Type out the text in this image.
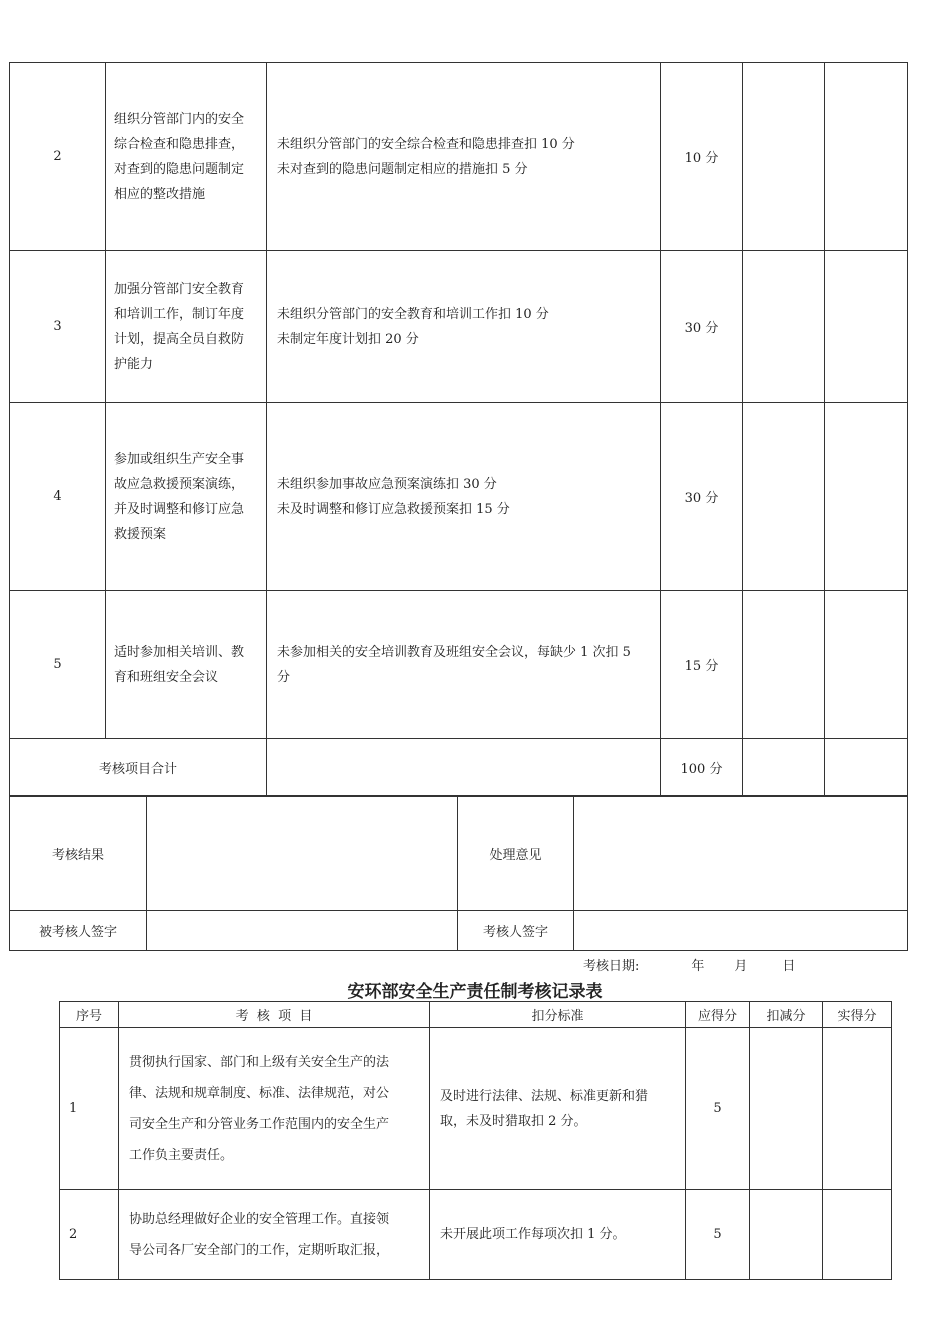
2	组织分管部门内的安全
综合检查和隐患排查，
对查到的隐患问题制定
相应的整改措施	未组织分管部门的安全综合检查和隐患排查扣 10 分
未对查到的隐患问题制定相应的措施扣 5 分	10 分		
3	加强分管部门安全教育
和培训工作，制订年度
计划，提高全员自救防
护能力	未组织分管部门的安全教育和培训工作扣 10 分
未制定年度计划扣 20 分	30 分		
4	参加或组织生产安全事
故应急救援预案演练，
并及时调整和修订应急
救援预案	未组织参加事故应急预案演练扣 30 分
未及时调整和修订应急救援预案扣 15 分	30 分		
5	适时参加相关培训、教
育和班组安全会议	未参加相关的安全培训教育及班组安全会议，每缺少 1 次扣 5
分	15 分		
考核项目合计			100 分		
考核结果		处理意见	
被考核人签字		考核人签字	
考核日期:	年 月	日
安环部安全生产责任制考核记录表
序号	考  核  项  目	扣分标准	应得分	扣减分	实得分
1	贯彻执行国家、部门和上级有关安全生产的法
律、法规和规章制度、标准、法律规范，对公
司安全生产和分管业务工作范围内的安全生产
工作负主要责任。	及时进行法律、法规、标准更新和猎
取，未及时猎取扣 2 分。	5		
2	协助总经理做好企业的安全管理工作。直接领
导公司各厂安全部门的工作，定期听取汇报，	未开展此项工作每项次扣 1 分。	5		
